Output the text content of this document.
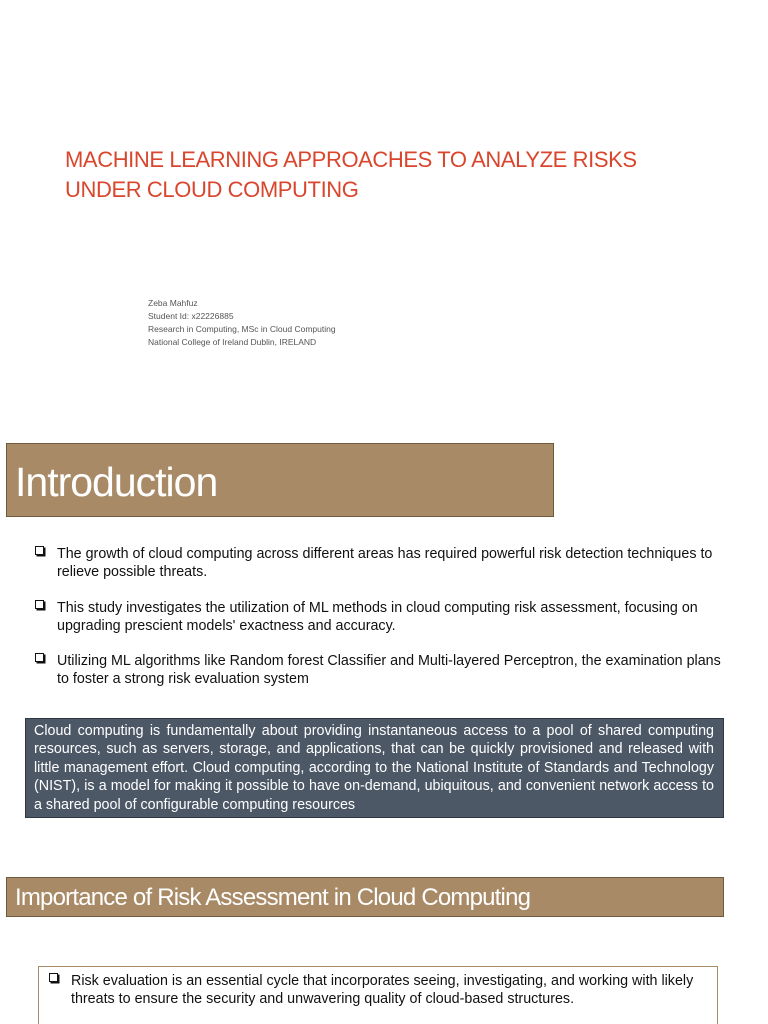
MACHINE LEARNING APPROACHES TO ANALYZE RISKS
UNDER CLOUD COMPUTING
Zeba Mahfuz
Student Id: x22226885
Research in Computing, MSc in Cloud Computing
National College of Ireland Dublin, IRELAND
Introduction
The growth of cloud computing across different areas has required powerful risk detection techniques to relieve possible threats.
This study investigates the utilization of ML methods in cloud computing risk assessment, focusing on upgrading prescient models' exactness and accuracy.
Utilizing ML algorithms like Random forest Classifier and Multi-layered Perceptron, the examination plans to foster a strong risk evaluation system
Cloud computing is fundamentally about providing instantaneous access to a pool of shared computing resources, such as servers, storage, and applications, that can be quickly provisioned and released with little management effort. Cloud computing, according to the National Institute of Standards and Technology (NIST), is a model for making it possible to have on-demand, ubiquitous, and convenient network access to a shared pool of configurable computing resources
Importance of Risk Assessment in Cloud Computing
Risk evaluation is an essential cycle that incorporates seeing, investigating, and working with likely threats to ensure the security and unwavering quality of cloud-based structures.
